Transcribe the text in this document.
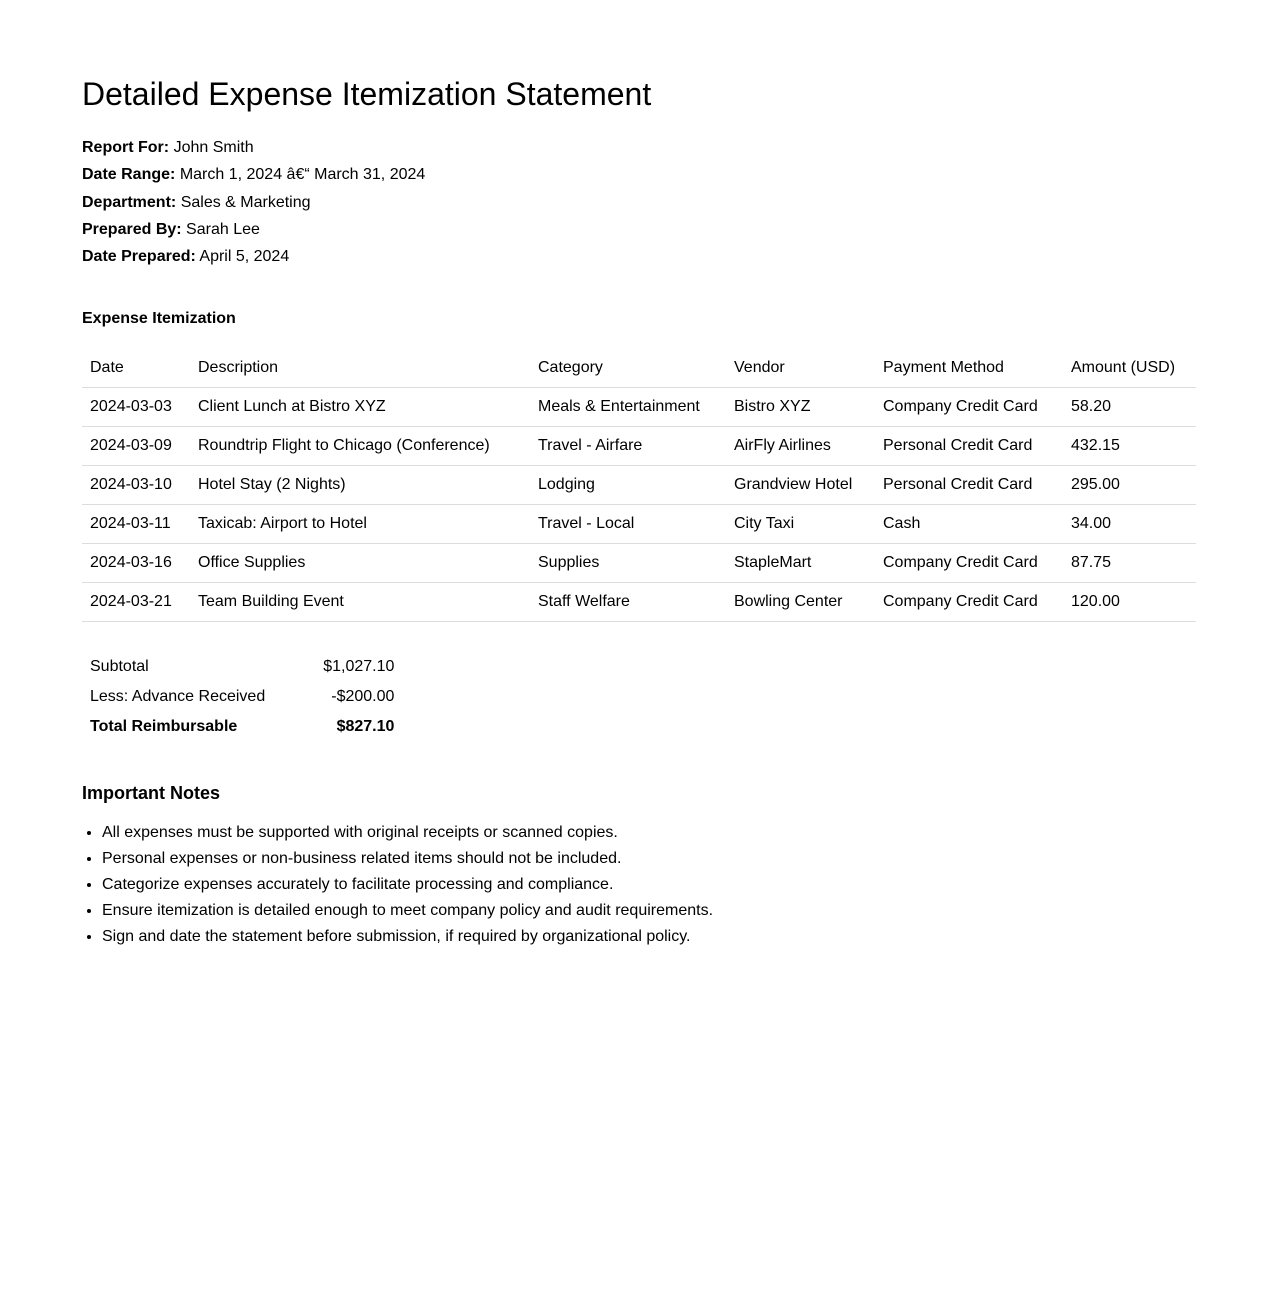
Detailed Expense Itemization Statement
Report For: John Smith
Date Range: March 1, 2024 â€“ March 31, 2024
Department: Sales & Marketing
Prepared By: Sarah Lee
Date Prepared: April 5, 2024
Expense Itemization
Date	Description	Category	Vendor	Payment Method	Amount (USD)
2024-03-03	Client Lunch at Bistro XYZ	Meals & Entertainment	Bistro XYZ	Company Credit Card	58.20
2024-03-09	Roundtrip Flight to Chicago (Conference)	Travel - Airfare	AirFly Airlines	Personal Credit Card	432.15
2024-03-10	Hotel Stay (2 Nights)	Lodging	Grandview Hotel	Personal Credit Card	295.00
2024-03-11	Taxicab: Airport to Hotel	Travel - Local	City Taxi	Cash	34.00
2024-03-16	Office Supplies	Supplies	StapleMart	Company Credit Card	87.75
2024-03-21	Team Building Event	Staff Welfare	Bowling Center	Company Credit Card	120.00
Subtotal	$1,027.10
Less: Advance Received	-$200.00
Total Reimbursable	$827.10
Important Notes
• All expenses must be supported with original receipts or scanned copies.
• Personal expenses or non-business related items should not be included.
• Categorize expenses accurately to facilitate processing and compliance.
• Ensure itemization is detailed enough to meet company policy and audit requirements.
• Sign and date the statement before submission, if required by organizational policy.
